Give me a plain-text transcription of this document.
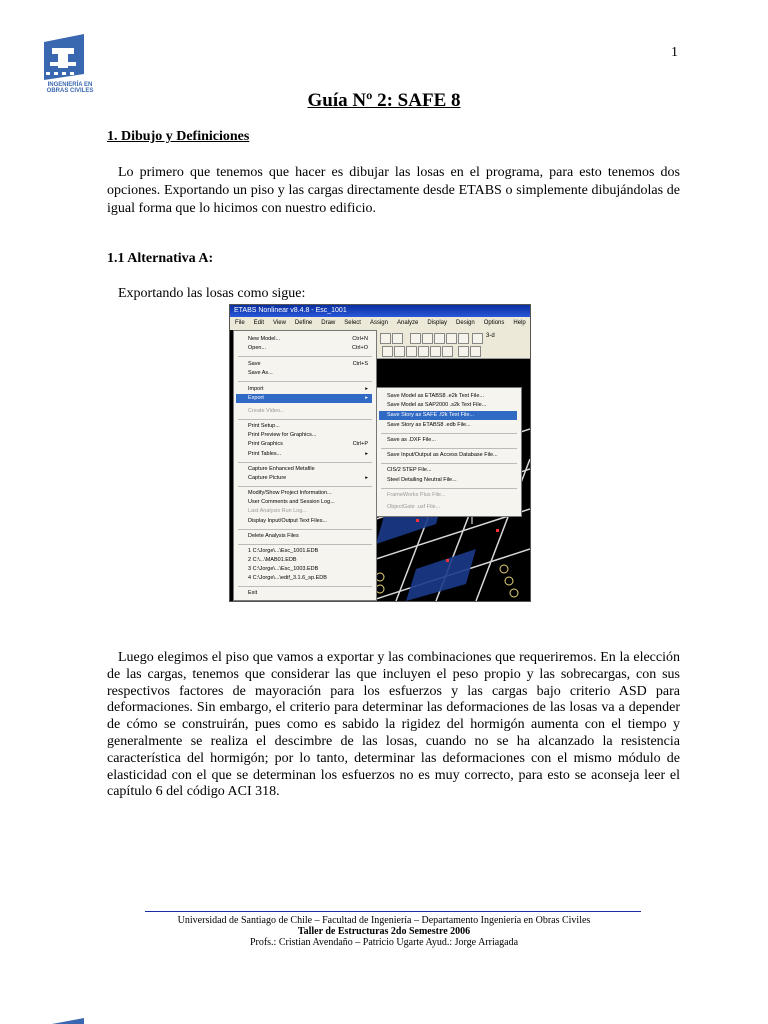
INGENIERÍA EN OBRAS CIVILES
1
Guía Nº 2: SAFE 8
1. Dibujo y Definiciones
Lo primero que tenemos que hacer es dibujar las losas en el programa, para esto tenemos dos opciones. Exportando un piso y las cargas directamente desde ETABS o simplemente dibujándolas de igual forma que lo hicimos con nuestro edificio.
1.1 Alternativa A:
Exportando las losas como sigue:
ETABS Nonlinear v8.4.8 - Esc_1001
File Edit View Define Draw Select Assign Analyze Display Design Options Help
3-d
New Model...	Ctrl+N
Open...	Ctrl+O
Save	Ctrl+S
Save As...
Import	▸
Export	▸
Create Video...
Print Setup...
Print Preview for Graphics...
Print Graphics	Ctrl+P
Print Tables...	▸
Capture Enhanced Metafile
Capture Picture	▸
Modify/Show Project Information...
User Comments and Session Log...
Last Analysis Run Log...
Display Input/Output Text Files...
Delete Analysis Files
1 C:\Jorge\...\Esc_1001.EDB
2 C:\...\MAB01.EDB
3 C:\Jorge\...\Esc_1003.EDB
4 C:\Jorge\...\edif_3.1.6_sp.EDB
Exit
Save Model as ETABS8 .e2k Text File...
Save Model as SAP2000 .s2k Text File...
Save Story as SAFE .f2k Text File...
Save Story as ETABS8 .edb File...
Save as .DXF File...
Save Input/Output as Access Database File...
CIS/2 STEP File...
Steel Detailing Neutral File...
FrameWorks Plus File...
ObjectGate .usf File...
Luego elegimos el piso que vamos a exportar y las combinaciones que requeriremos. En la elección de las cargas, tenemos que considerar las que incluyen el peso propio y las sobrecargas, con sus respectivos factores de mayoración para los esfuerzos y las cargas bajo criterio ASD para deformaciones. Sin embargo, el criterio para determinar las deformaciones de las losas va a depender de cómo se construirán, pues como es sabido la rigidez del hormigón aumenta con el tiempo y generalmente se realiza el descimbre de las losas, cuando no se ha alcanzado la resistencia característica del hormigón; por lo tanto, determinar las deformaciones con el mismo módulo de elasticidad con el que se determinan los esfuerzos no es muy correcto, para esto se aconseja leer el capítulo 6 del código ACI 318.
Universidad de Santiago de Chile – Facultad de Ingeniería – Departamento Ingeniería en Obras Civiles
Taller de Estructuras 2do Semestre 2006
Profs.: Cristian Avendaño – Patricio Ugarte Ayud.: Jorge Arriagada
